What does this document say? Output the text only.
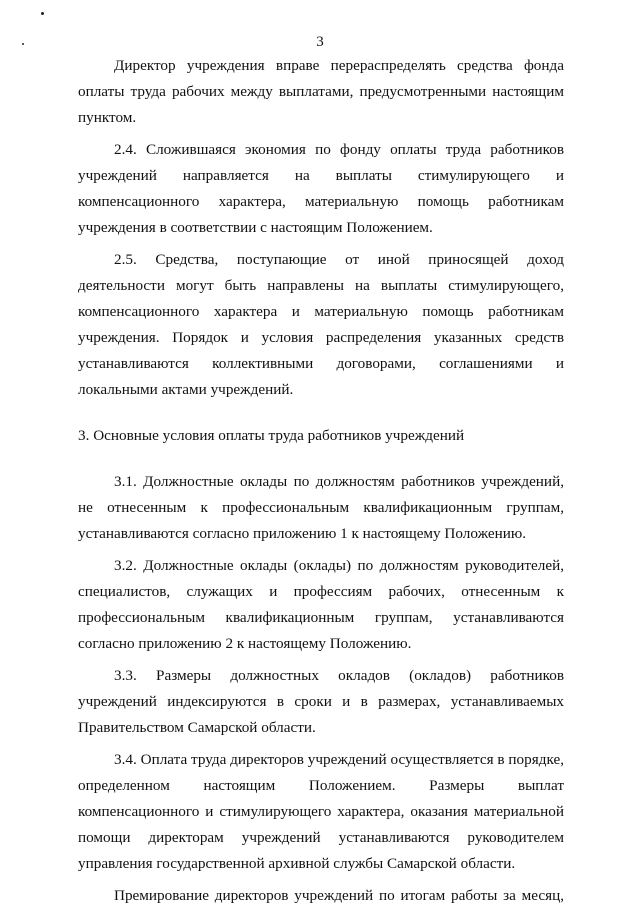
3

Директор учреждения вправе перераспределять средства фонда оплаты труда рабочих между выплатами, предусмотренными настоящим пунктом.

2.4. Сложившаяся экономия по фонду оплаты труда работников учреждений направляется на выплаты стимулирующего и компенсационного характера, материальную помощь работникам учреждения в соответствии с настоящим Положением.

2.5. Средства, поступающие от иной приносящей доход деятельности могут быть направлены на выплаты стимулирующего, компенсационного характера и материальную помощь работникам учреждения. Порядок и условия распределения указанных средств устанавливаются коллективными договорами, соглашениями и локальными актами учреждений.

3. Основные условия оплаты труда работников учреждений

3.1. Должностные оклады по должностям работников учреждений, не отнесенным к профессиональным квалификационным группам, устанавливаются согласно приложению 1 к настоящему Положению.

3.2. Должностные оклады (оклады) по должностям руководителей, специалистов, служащих и профессиям рабочих, отнесенным к профессиональным квалификационным группам, устанавливаются согласно приложению 2 к настоящему Положению.

3.3. Размеры должностных окладов (окладов) работников учреждений индексируются в сроки и в размерах, устанавливаемых Правительством Самарской области.

3.4. Оплата труда директоров учреждений осуществляется в порядке, определенном настоящим Положением. Размеры выплат компенсационного и стимулирующего характера, оказания материальной помощи директорам учреждений устанавливаются руководителем управления государственной архивной службы Самарской области.

Премирование директоров учреждений по итогам работы за месяц,
